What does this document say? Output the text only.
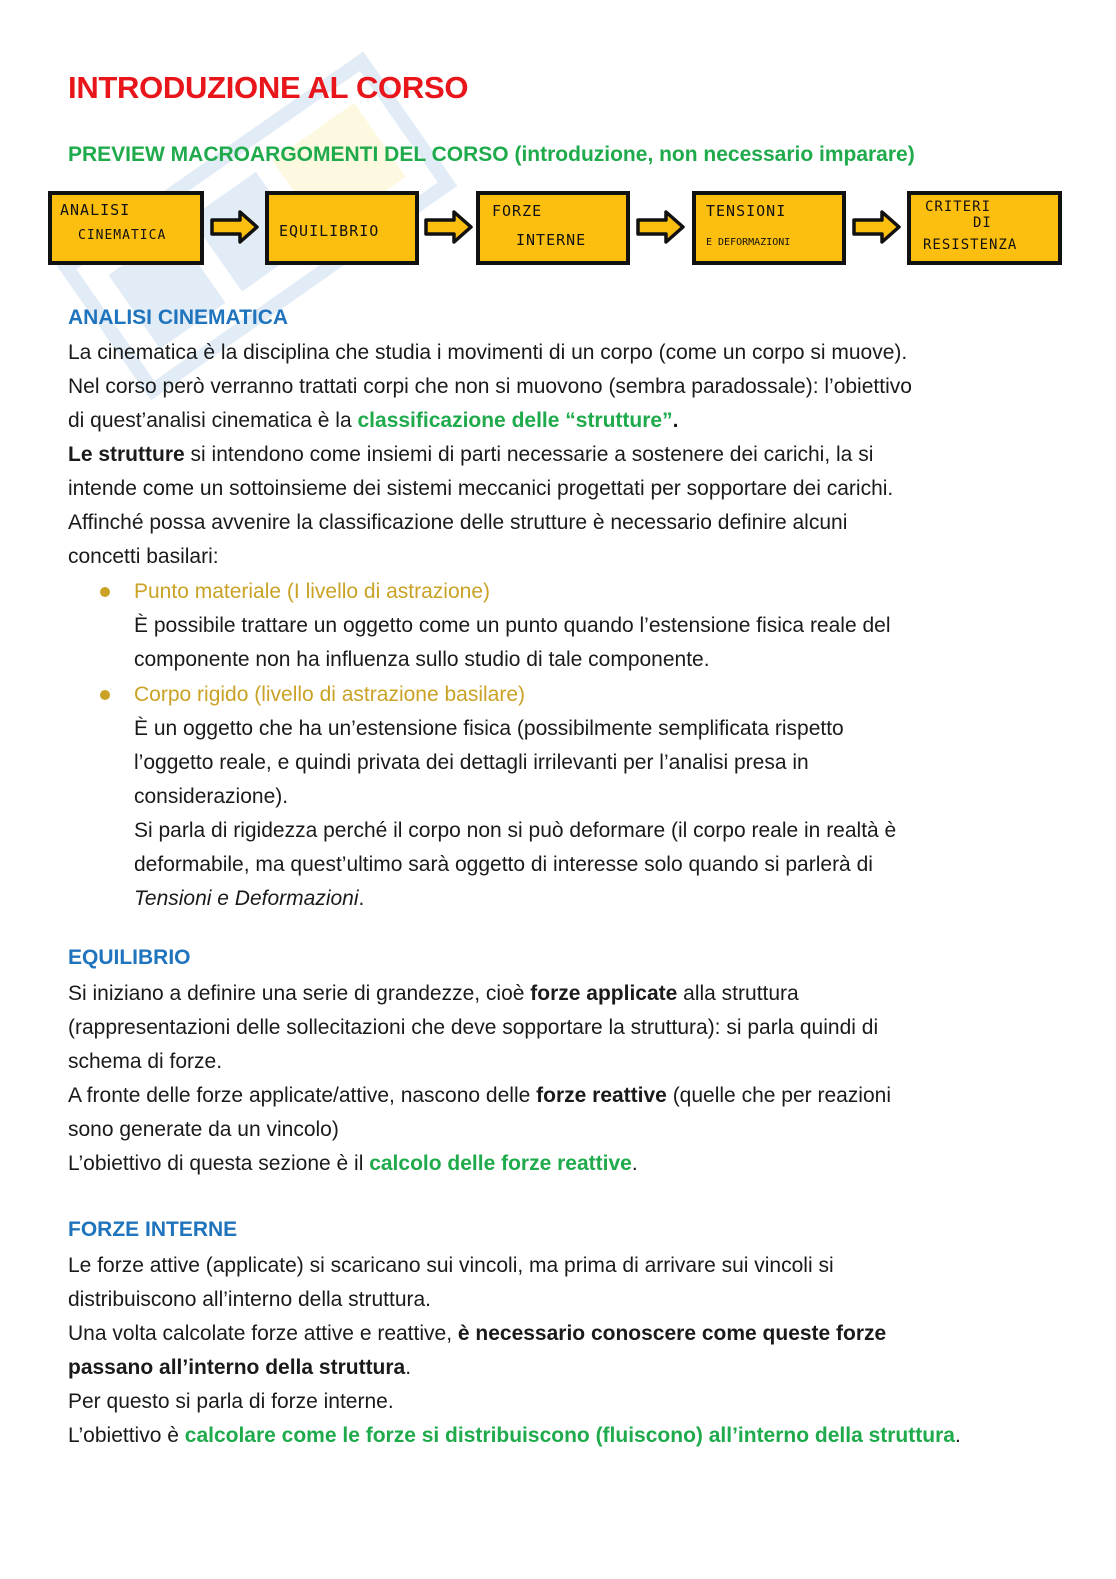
INTRODUZIONE AL CORSO
PREVIEW MACROARGOMENTI DEL CORSO (introduzione, non necessario imparare)
ANALISI
CINEMATICA	EQUILIBRIO
FORZE
INTERNE
TENSIONI
E DEFORMAZIONI
CRITERI
DI
RESISTENZA
ANALISI CINEMATICA

La cinematica è la disciplina che studia i movimenti di un corpo (come un corpo si muove).

Nel corso però verranno trattati corpi che non si muovono (sembra paradossale): l’obiettivo

di quest’analisi cinematica è la classificazione delle “strutture”.

Le strutture si intendono come insiemi di parti necessarie a sostenere dei carichi, la si

intende come un sottoinsieme dei sistemi meccanici progettati per sopportare dei carichi.

Affinché possa avvenire la classificazione delle strutture è necessario definire alcuni

concetti basilari:

Punto materiale (I livello di astrazione)

È possibile trattare un oggetto come un punto quando l’estensione fisica reale del

componente non ha influenza sullo studio di tale componente.

Corpo rigido (livello di astrazione basilare)

È un oggetto che ha un’estensione fisica (possibilmente semplificata rispetto

l’oggetto reale, e quindi privata dei dettagli irrilevanti per l’analisi presa in

considerazione).

Si parla di rigidezza perché il corpo non si può deformare (il corpo reale in realtà è

deformabile, ma quest’ultimo sarà oggetto di interesse solo quando si parlerà di

Tensioni e Deformazioni.

EQUILIBRIO

Si iniziano a definire una serie di grandezze, cioè forze applicate alla struttura

(rappresentazioni delle sollecitazioni che deve sopportare la struttura): si parla quindi di

schema di forze.

A fronte delle forze applicate/attive, nascono delle forze reattive (quelle che per reazioni

sono generate da un vincolo)

L’obiettivo di questa sezione è il calcolo delle forze reattive.

FORZE INTERNE

Le forze attive (applicate) si scaricano sui vincoli, ma prima di arrivare sui vincoli si

distribuiscono all’interno della struttura.

Una volta calcolate forze attive e reattive, è necessario conoscere come queste forze

passano all’interno della struttura.

Per questo si parla di forze interne.

L’obiettivo è calcolare come le forze si distribuiscono (fluiscono) all’interno della struttura.
